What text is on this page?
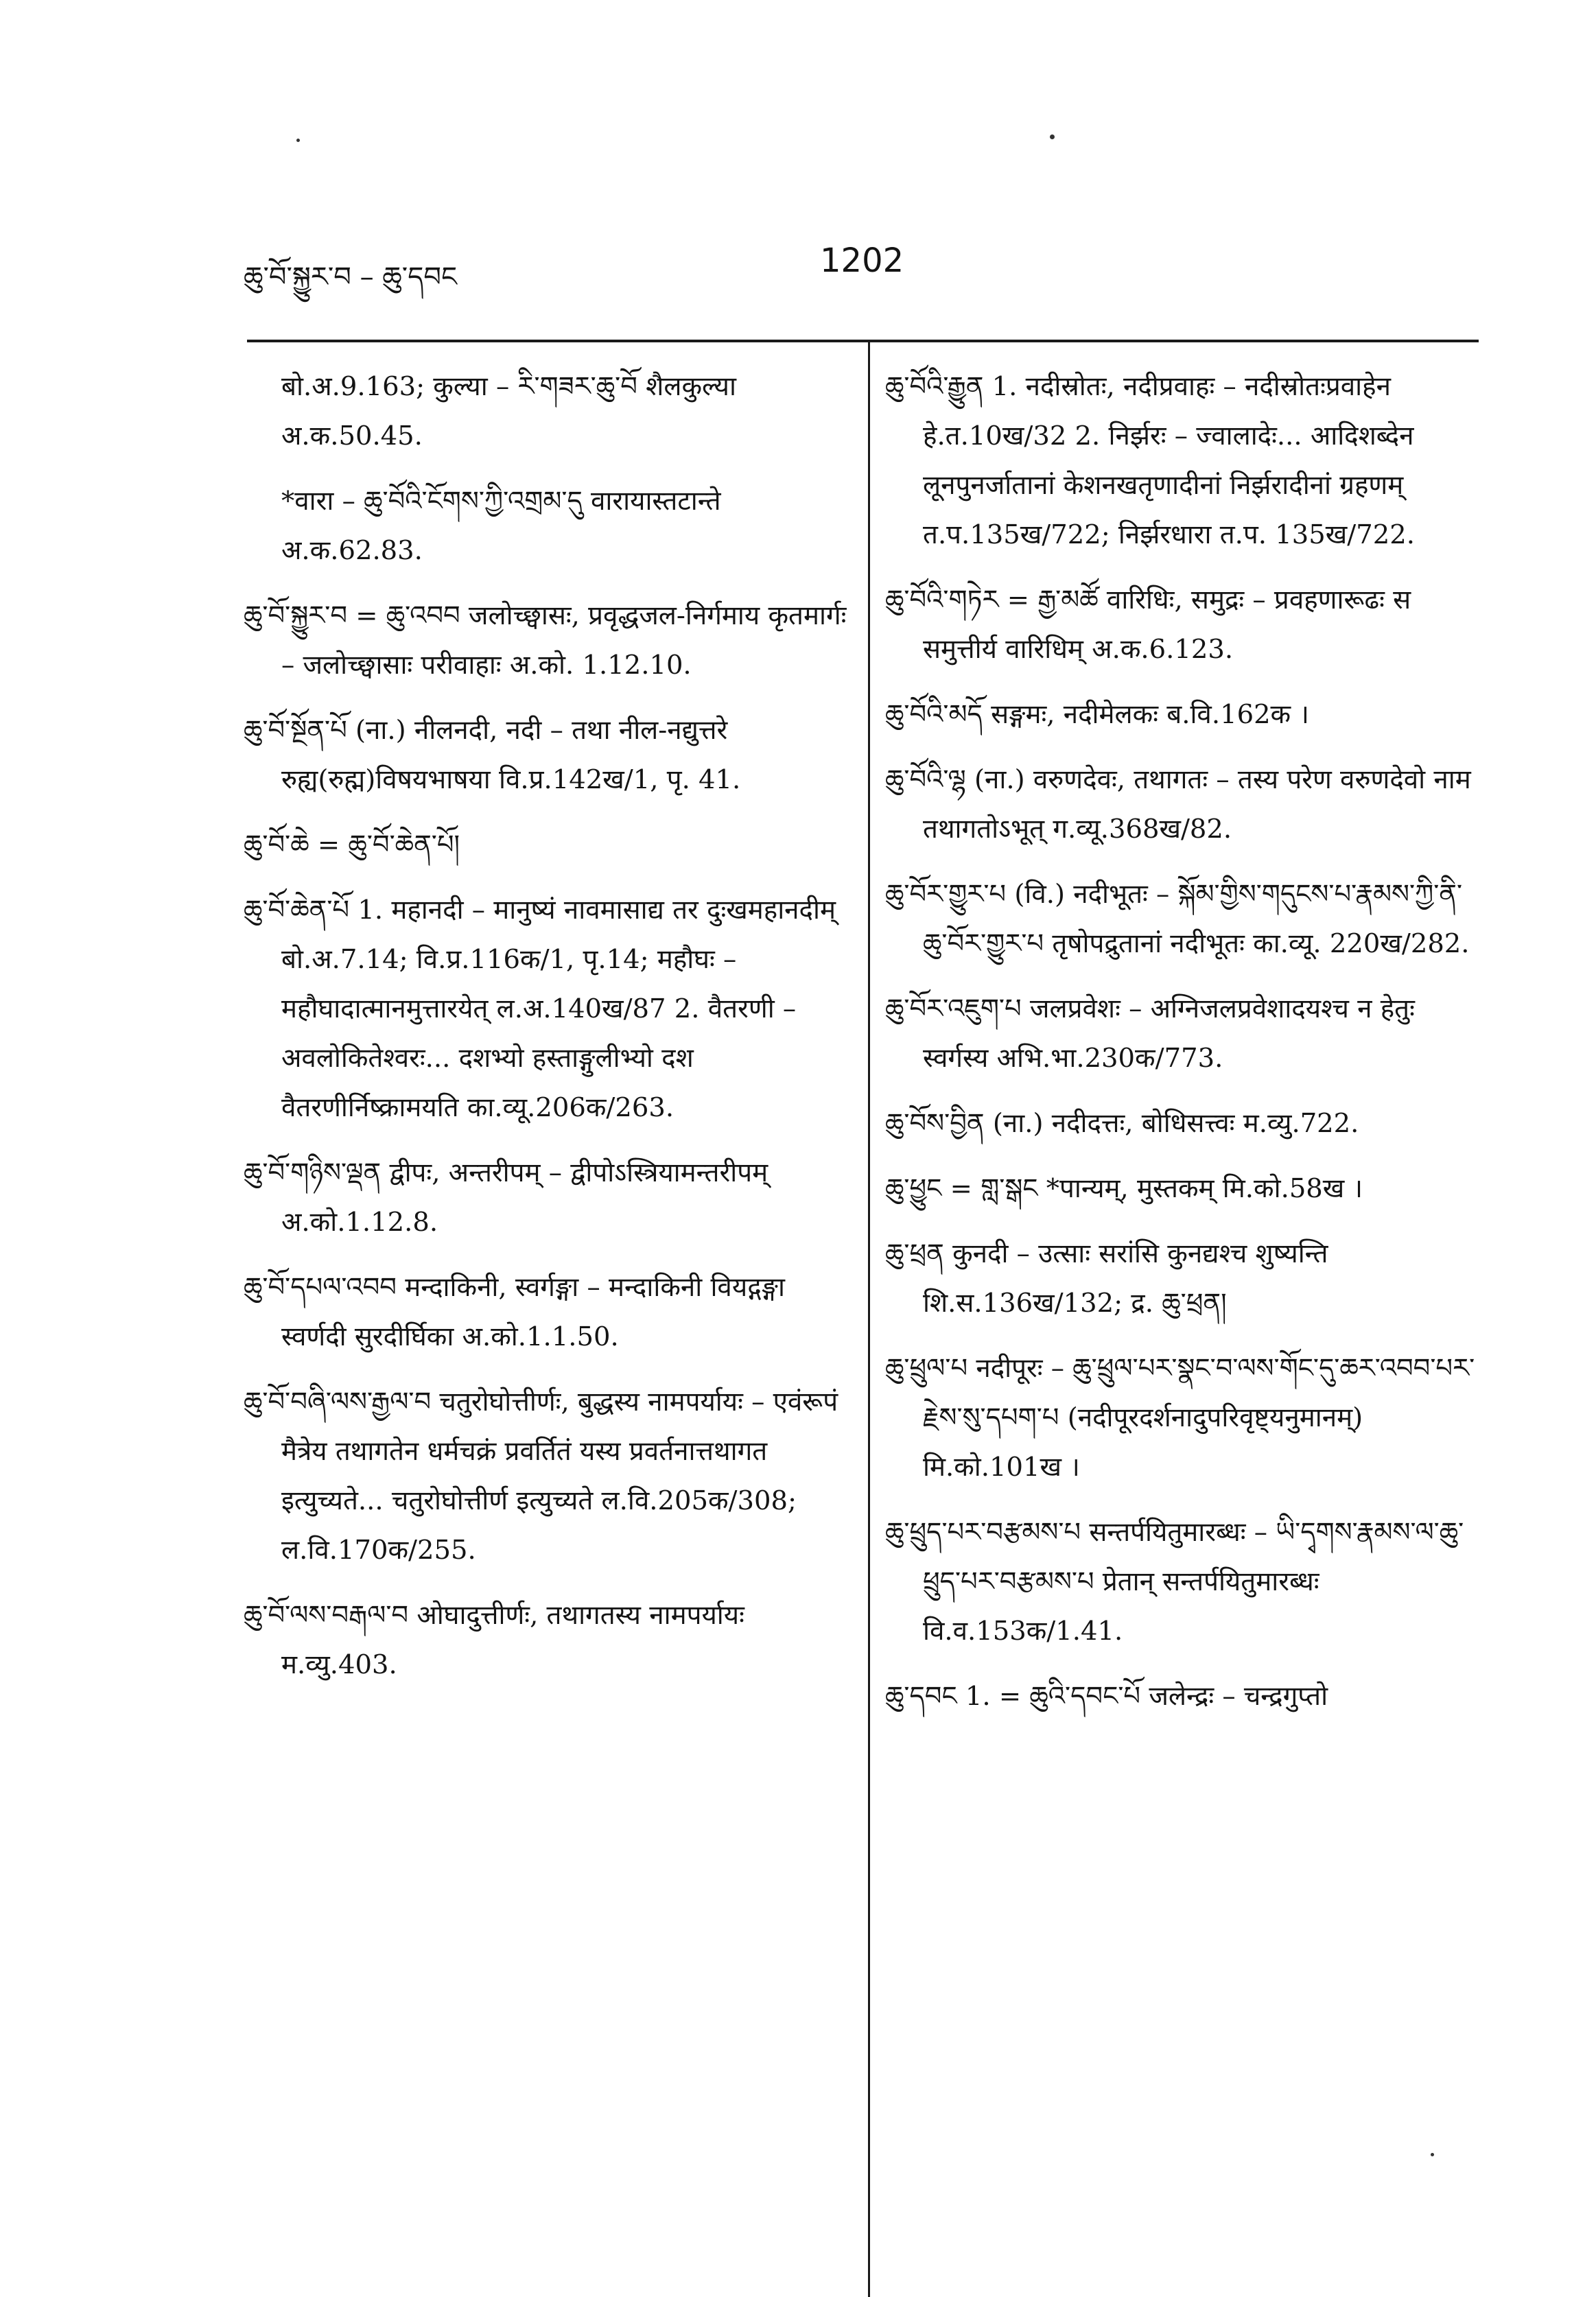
ཆུ་བོ་སྐྱུར་བ – ཆུ་དབང	1202

बो.अ.9.163; कुल्या – རི་གཟར་ཆུ་བོ शैलकुल्या अ.क.50.45.

*वारा – ཆུ་བོའི་ངོགས་ཀྱི་འགྲམ་དུ वारायास्तटान्ते अ.क.62.83.

ཆུ་བོ་སྐྱུར་བ = ཆུ་འབབ जलोच्छ्वासः, प्रवृद्धजल-निर्गमाय कृतमार्गः – जलोच्छ्वासाः परीवाहाः अ.को. 1.12.10.

ཆུ་བོ་སྔོན་པོ (ना.) नीलनदी, नदी – तथा नील-नद्युत्तरे रुह्य(रुह्म)विषयभाषया वि.प्र.142ख/1, पृ. 41.

ཆུ་བོ་ཆེ = ཆུ་བོ་ཆེན་པོ།

ཆུ་བོ་ཆེན་པོ 1. महानदी – मानुष्यं नावमासाद्य तर दुःखमहानदीम् बो.अ.7.14; वि.प्र.116क/1, पृ.14; महौघः – महौघादात्मानमुत्तारयेत् ल.अ.140ख/87 2. वैतरणी – अवलोकितेश्वरः... दशभ्यो हस्ताङ्गुलीभ्यो दश वैतरणीर्निष्क्रामयति का.व्यू.206क/263.

ཆུ་བོ་གཉིས་ལྡན द्वीपः, अन्तरीपम् – द्वीपोऽस्त्रियामन्तरीपम् अ.को.1.12.8.

ཆུ་བོ་དཔལ་འབབ मन्दाकिनी, स्वर्गङ्गा – मन्दाकिनी वियद्गङ्गा स्वर्णदी सुरदीर्घिका अ.को.1.1.50.

ཆུ་བོ་བཞི་ལས་རྒྱལ་བ चतुरोघोत्तीर्णः, बुद्धस्य नामपर्यायः – एवंरूपं मैत्रेय तथागतेन धर्मचक्रं प्रवर्तितं यस्य प्रवर्तनात्तथागत इत्युच्यते... चतुरोघोत्तीर्ण इत्युच्यते ल.वि.205क/308; ल.वि.170क/255.

ཆུ་བོ་ལས་བརྒལ་བ ओघादुत्तीर्णः, तथागतस्य नामपर्यायः म.व्यु.403.

ཆུ་བོའི་རྒྱུན 1. नदीस्रोतः, नदीप्रवाहः – नदीस्रोतःप्रवाहेन हे.त.10ख/32 2. निर्झरः – ज्वालादेः... आदिशब्देन लूनपुनर्जातानां केशनखतृणादीनां निर्झरादीनां ग्रहणम् त.प.135ख/722; निर्झरधारा त.प. 135ख/722.

ཆུ་བོའི་གཏེར = རྒྱ་མཚོ वारिधिः, समुद्रः – प्रवहणारूढः स समुत्तीर्य वारिधिम् अ.क.6.123.

ཆུ་བོའི་མདོ सङ्गमः, नदीमेलकः ब.वि.162क ।

ཆུ་བོའི་ལྷ (ना.) वरुणदेवः, तथागतः – तस्य परेण वरुणदेवो नाम तथागतोऽभूत् ग.व्यू.368ख/82.

ཆུ་བོར་གྱུར་པ (वि.) नदीभूतः – སྐོམ་གྱིས་གདུངས་པ་རྣམས་ཀྱི་ནི་ཆུ་བོར་གྱུར་པ तृषोपद्रुतानां नदीभूतः का.व्यू. 220ख/282.

ཆུ་བོར་འཇུག་པ जलप्रवेशः – अग्निजलप्रवेशादयश्च न हेतुः स्वर्गस्य अभि.भा.230क/773.

ཆུ་བོས་བྱིན (ना.) नदीदत्तः, बोधिसत्त्वः म.व्यु.722.

ཆུ་ཕྱུང = གླ་སྒང *पान्यम्, मुस्तकम् मि.को.58ख ।

ཆུ་ཕྲན कुनदी – उत्साः सरांसि कुनद्यश्च शुष्यन्ति शि.स.136ख/132; द्र. ཆུ་ཕྲན།

ཆུ་ཕྲུལ་པ नदीपूरः – ཆུ་ཕྲུལ་པར་སྣང་བ་ལས་གོང་དུ་ཆར་འབབ་པར་རྗེས་སུ་དཔག་པ (नदीपूरदर्शनादुपरिवृष्ट्यनुमानम्) मि.को.101ख ।

ཆུ་ཕྲུད་པར་བརྩམས་པ सन्तर्पयितुमारब्धः – ཡི་དྭགས་རྣམས་ལ་ཆུ་ཕྲུད་པར་བརྩམས་པ प्रेतान् सन्तर्पयितुमारब्धः वि.व.153क/1.41.

ཆུ་དབང 1. = ཆུའི་དབང་པོ जलेन्द्रः – चन्द्रगुप्तो
